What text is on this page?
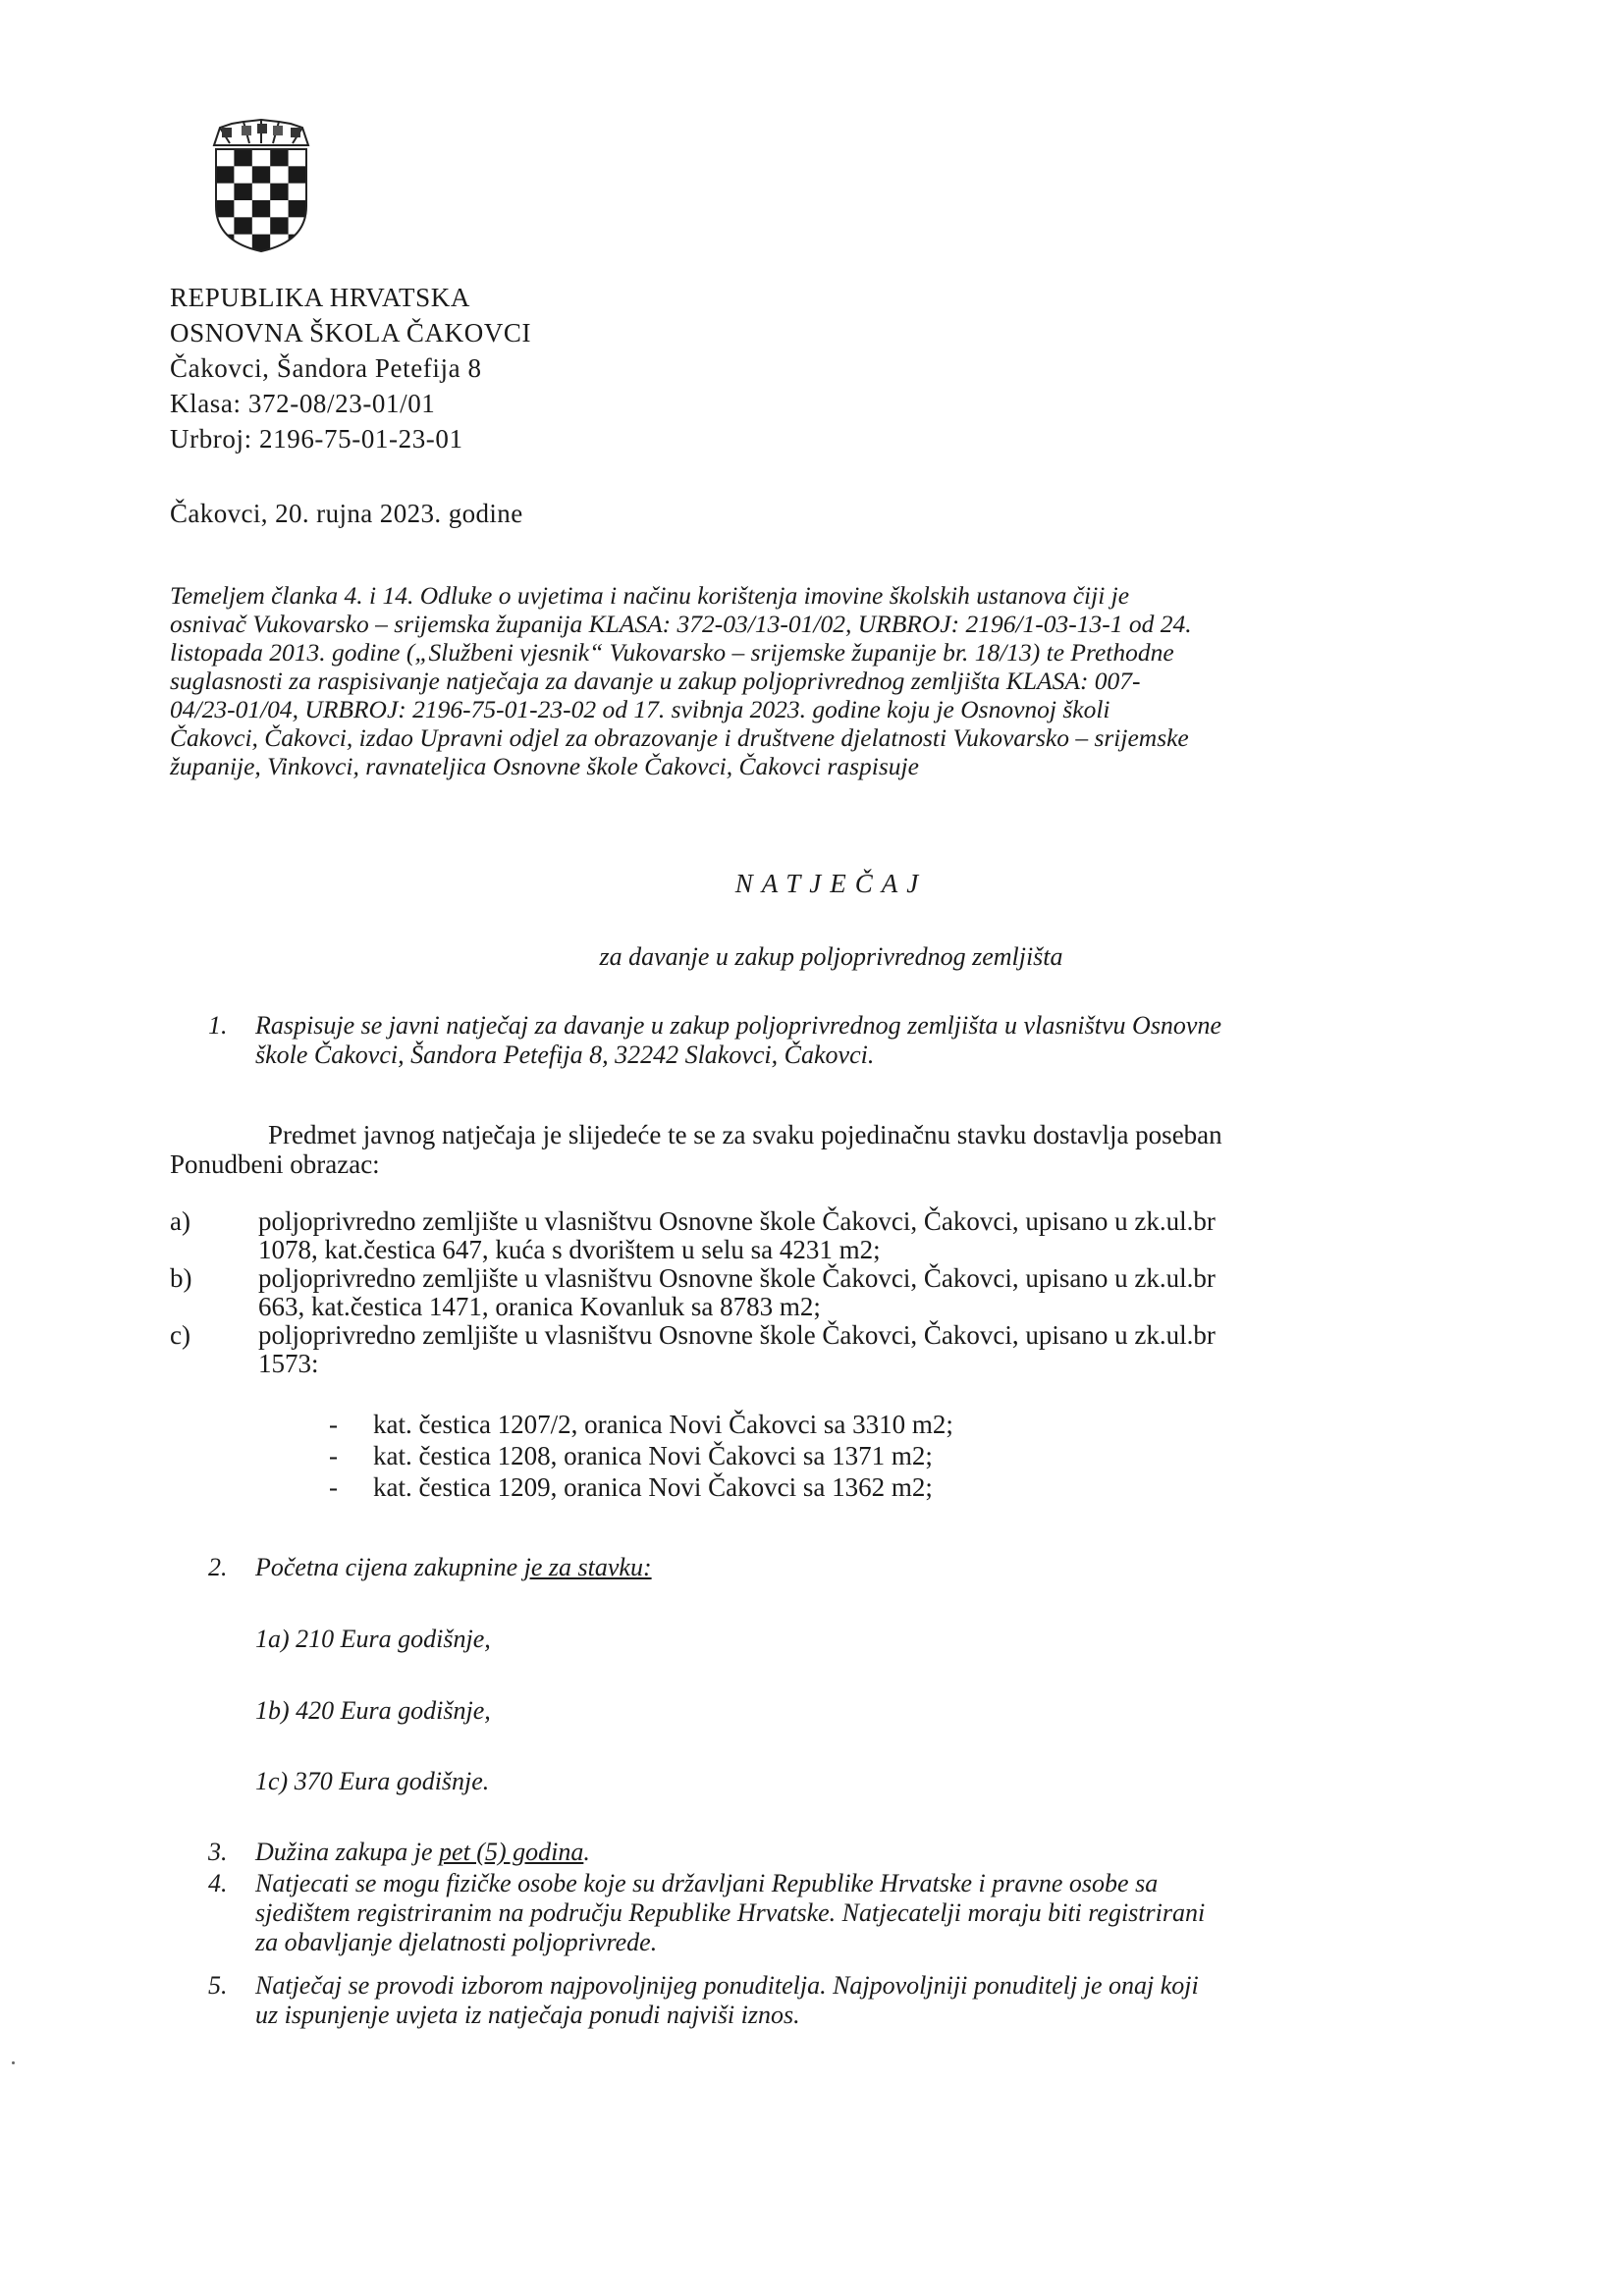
REPUBLIKA HRVATSKA
OSNOVNA ŠKOLA ČAKOVCI
Čakovci, Šandora Petefija 8
Klasa: 372-08/23-01/01
Urbroj: 2196-75-01-23-01
Čakovci, 20. rujna 2023. godine
Temeljem članka 4. i 14. Odluke o uvjetima i načinu korištenja imovine školskih ustanova čiji je
osnivač Vukovarsko – srijemska županija KLASA: 372-03/13-01/02, URBROJ: 2196/1-03-13-1 od 24.
listopada 2013. godine („Službeni vjesnik“ Vukovarsko – srijemske županije br. 18/13) te Prethodne
suglasnosti za raspisivanje natječaja za davanje u zakup poljoprivrednog zemljišta KLASA: 007-
04/23-01/04, URBROJ: 2196-75-01-23-02 od 17. svibnja 2023. godine koju je Osnovnoj školi
Čakovci, Čakovci, izdao Upravni odjel za obrazovanje i društvene djelatnosti Vukovarsko – srijemske
županije, Vinkovci, ravnateljica Osnovne škole Čakovci, Čakovci raspisuje
NATJEČAJ
za davanje u zakup poljoprivrednog zemljišta
1. Raspisuje se javni natječaj za davanje u zakup poljoprivrednog zemljišta u vlasništvu Osnovne
škole Čakovci, Šandora Petefija 8, 32242 Slakovci, Čakovci.
Predmet javnog natječaja je slijedeće te se za svaku pojedinačnu stavku dostavlja poseban
Ponudbeni obrazac:
a)	poljoprivredno zemljište u vlasništvu Osnovne škole Čakovci, Čakovci, upisano u zk.ul.br
1078, kat.čestica 647, kuća s dvorištem u selu sa 4231 m2;
b)	poljoprivredno zemljište u vlasništvu Osnovne škole Čakovci, Čakovci, upisano u zk.ul.br
663, kat.čestica 1471, oranica Kovanluk sa 8783 m2;
c)	poljoprivredno zemljište u vlasništvu Osnovne škole Čakovci, Čakovci, upisano u zk.ul.br
1573:
- kat. čestica 1207/2, oranica Novi Čakovci sa 3310 m2;
- kat. čestica 1208, oranica Novi Čakovci sa 1371 m2;
- kat. čestica 1209, oranica Novi Čakovci sa 1362 m2;
2. Početna cijena zakupnine je za stavku:
1a) 210 Eura godišnje,
1b) 420 Eura godišnje,
1c) 370 Eura godišnje.
3. Dužina zakupa je pet (5) godina.
4. Natjecati se mogu fizičke osobe koje su državljani Republike Hrvatske i pravne osobe sa
sjedištem registriranim na području Republike Hrvatske. Natjecatelji moraju biti registrirani
za obavljanje djelatnosti poljoprivrede.
5. Natječaj se provodi izborom najpovoljnijeg ponuditelja. Najpovoljniji ponuditelj je onaj koji
uz ispunjenje uvjeta iz natječaja ponudi najviši iznos.
